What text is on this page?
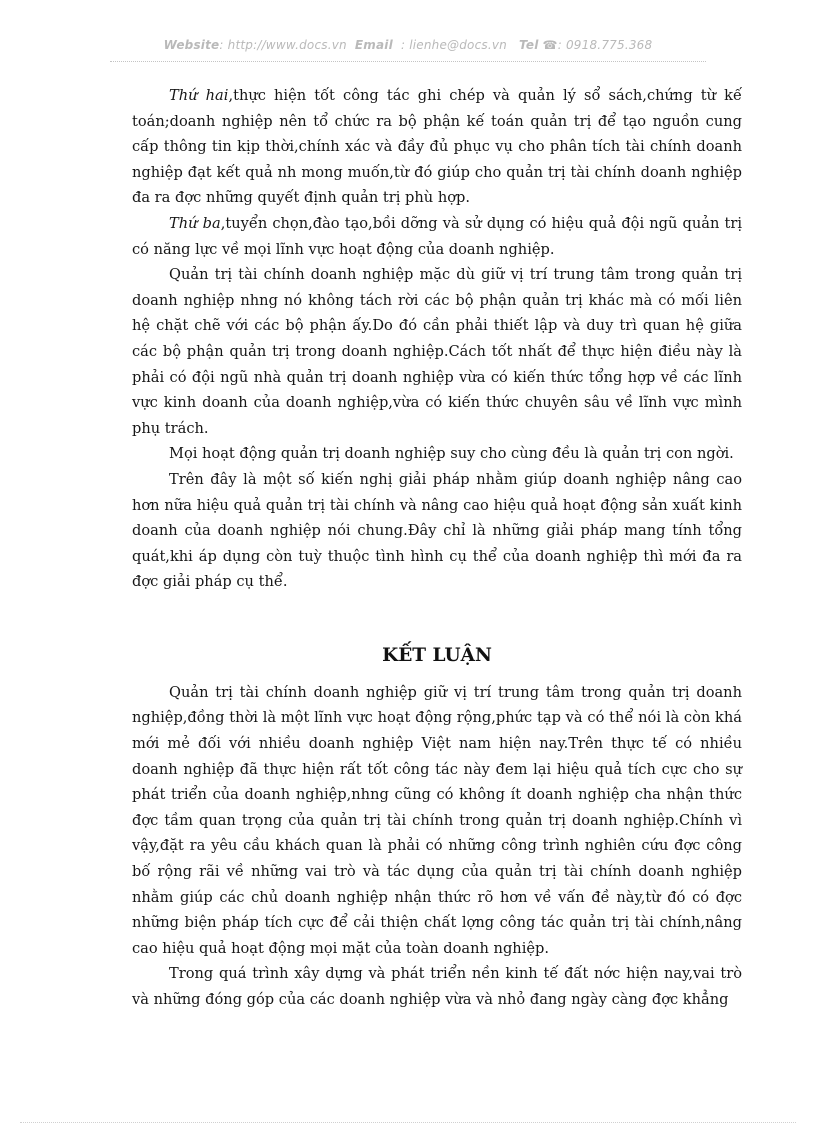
Website: http://www.docs.vn Email : lienhe@docs.vn Tel ☎: 0918.775.368

Thứ hai,thực hiện tốt công tác ghi chép và quản lý sổ sách,chứng từ kế toán;doanh nghiệp nên tổ chức ra bộ phận kế toán quản trị để tạo nguồn cung cấp thông tin kịp thời,chính xác và đầy đủ phục vụ cho phân tích tài chính doanh nghiệp đạt kết quả nh mong muốn,từ đó giúp cho quản trị tài chính doanh nghiệp đa ra đợc những quyết định quản trị phù hợp.

Thứ ba,tuyển chọn,đào tạo,bồi dỡng và sử dụng có hiệu quả đội ngũ quản trị có năng lực về mọi lĩnh vực hoạt động của doanh nghiệp.

Quản trị tài chính doanh nghiệp mặc dù giữ vị trí trung tâm trong quản trị doanh nghiệp nhng nó không tách rời các bộ phận quản trị khác mà có mối liên hệ chặt chẽ với các bộ phận ấy.Do đó cần phải thiết lập và duy trì quan hệ giữa các bộ phận quản trị trong doanh nghiệp.Cách tốt nhất để thực hiện điều này là phải có đội ngũ nhà quản trị doanh nghiệp vừa có kiến thức tổng hợp về các lĩnh vực kinh doanh của doanh nghiệp,vừa có kiến thức chuyên sâu về lĩnh vực mình phụ trách.

Mọi hoạt động quản trị doanh nghiệp suy cho cùng đều là quản trị con ngời.

Trên đây là một số kiến nghị giải pháp nhằm giúp doanh nghiệp nâng cao hơn nữa hiệu quả quản trị tài chính và nâng cao hiệu quả hoạt động sản xuất kinh doanh của doanh nghiệp nói chung.Đây chỉ là những giải pháp mang tính tổng quát,khi áp dụng còn tuỳ thuộc tình hình cụ thể của doanh nghiệp thì mới đa ra đợc giải pháp cụ thể.

KẾT LUẬN

Quản trị tài chính doanh nghiệp giữ vị trí trung tâm trong quản trị doanh nghiệp,đồng thời là một lĩnh vực hoạt động rộng,phức tạp và có thể nói là còn khá mới mẻ đối với nhiều doanh nghiệp Việt nam hiện nay.Trên thực tế có nhiều doanh nghiệp đã thực hiện rất tốt công tác này đem lại hiệu quả tích cực cho sự phát triển của doanh nghiệp,nhng cũng có không ít doanh nghiệp cha nhận thức đợc tầm quan trọng của quản trị tài chính trong quản trị doanh nghiệp.Chính vì vậy,đặt ra yêu cầu khách quan là phải có những công trình nghiên cứu đợc công bố rộng rãi về những vai trò và tác dụng của quản trị tài chính doanh nghiệp nhằm giúp các chủ doanh nghiệp nhận thức rõ hơn về vấn đề này,từ đó có đợc những biện pháp tích cực để cải thiện chất lợng công tác quản trị tài chính,nâng cao hiệu quả hoạt động mọi mặt của toàn doanh nghiệp.

Trong quá trình xây dựng và phát triển nền kinh tế đất nớc hiện nay,vai trò và những đóng góp của các doanh nghiệp vừa và nhỏ đang ngày càng đợc khẳng
